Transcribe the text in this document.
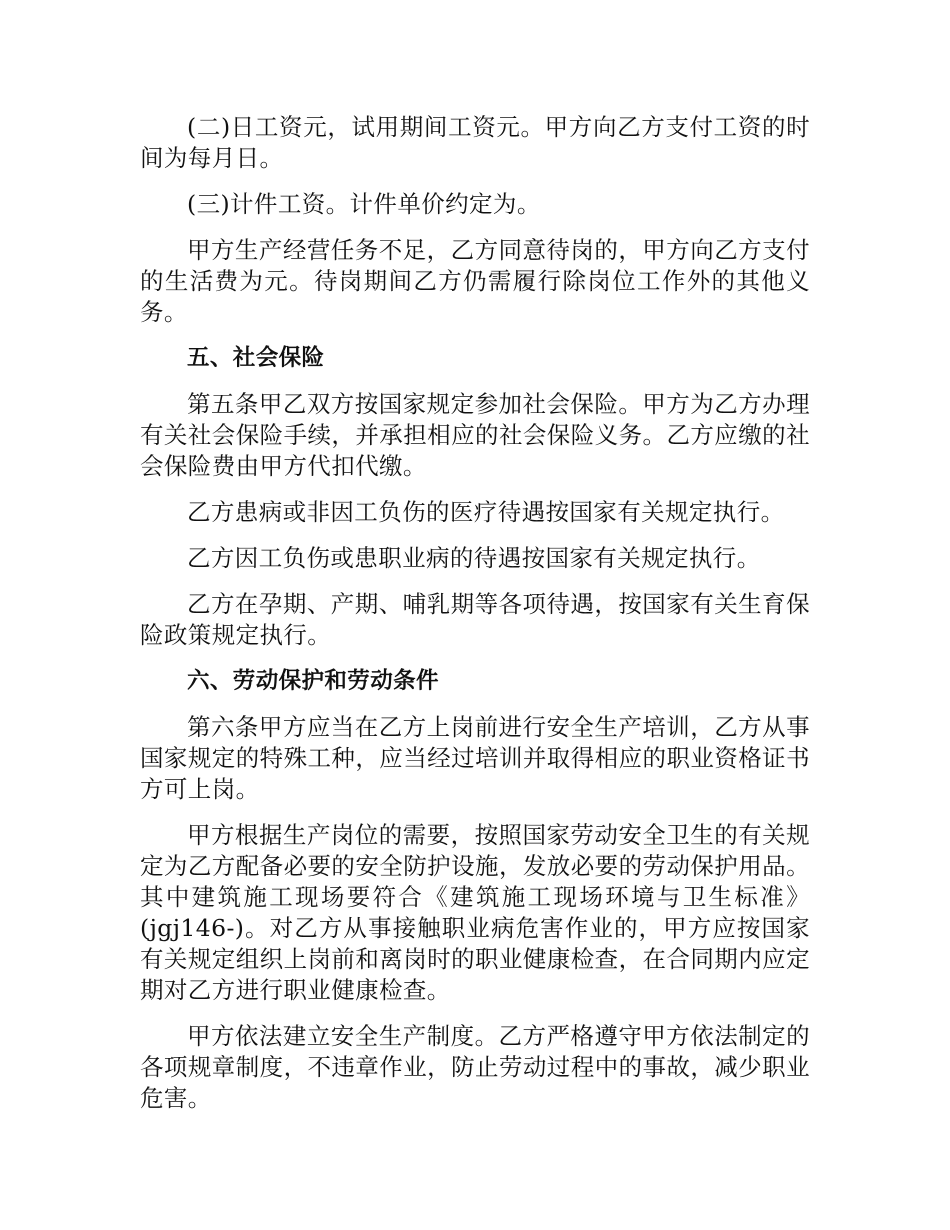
(二)日工资元，试用期间工资元。甲方向乙方支付工资的时间为每月日。

(三)计件工资。计件单价约定为。

甲方生产经营任务不足，乙方同意待岗的，甲方向乙方支付的生活费为元。待岗期间乙方仍需履行除岗位工作外的其他义务。

五、社会保险

第五条甲乙双方按国家规定参加社会保险。甲方为乙方办理有关社会保险手续，并承担相应的社会保险义务。乙方应缴的社会保险费由甲方代扣代缴。

乙方患病或非因工负伤的医疗待遇按国家有关规定执行。

乙方因工负伤或患职业病的待遇按国家有关规定执行。

乙方在孕期、产期、哺乳期等各项待遇，按国家有关生育保险政策规定执行。

六、劳动保护和劳动条件

第六条甲方应当在乙方上岗前进行安全生产培训，乙方从事国家规定的特殊工种，应当经过培训并取得相应的职业资格证书方可上岗。

甲方根据生产岗位的需要，按照国家劳动安全卫生的有关规定为乙方配备必要的安全防护设施，发放必要的劳动保护用品。其中建筑施工现场要符合《建筑施工现场环境与卫生标准》(jgj146-)。对乙方从事接触职业病危害作业的，甲方应按国家有关规定组织上岗前和离岗时的职业健康检查，在合同期内应定期对乙方进行职业健康检查。

甲方依法建立安全生产制度。乙方严格遵守甲方依法制定的各项规章制度，不违章作业，防止劳动过程中的事故，减少职业危害。
